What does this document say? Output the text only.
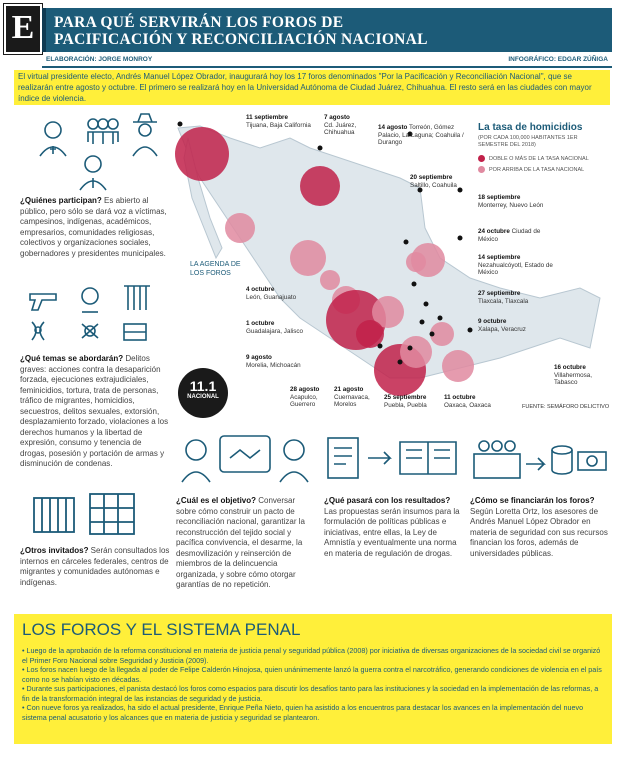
E	PARA QUÉ SERVIRÁN LOS FOROS DE
PACIFICACIÓN Y RECONCILIACIÓN NACIONAL
ELABORACIÓN: JORGE MONROY	INFOGRÁFICO: EDGAR ZÚÑIGA
El virtual presidente electo, Andrés Manuel López Obrador, inaugurará hoy los 17 foros denominados "Por la Pacificación y Reconciliación Nacional", que se realizarán entre agosto y octubre. El primero se realizará hoy en la Universidad Autónoma de Ciudad Juárez, Chihuahua. El resto será en las ciudades con mayor índice de violencia.
¿Quiénes participan? Es abierto al público, pero sólo se dará voz a víctimas, campesinos, indígenas, académicos, empresarios, comunidades religiosas, colectivos y organizaciones sociales, gobernadores y presidentes municipales.
¿Qué temas se abordarán? Delitos graves: acciones contra la desaparición forzada, ejecuciones extrajudiciales, feminicidios, tortura, trata de personas, tráfico de migrantes, homicidios, secuestros, delitos sexuales, extorsión, desplazamiento forzado, violaciones a los derechos humanos y la libertad de expresión, consumo y tenencia de drogas, posesión y portación de armas y disminución de condenas.
¿Otros invitados? Serán consultados los internos en cárceles federales, centros de migrantes y comunidades autónomas e indígenas.
11 septiembre
Tijuana, Baja California
7 agosto
Cd. Juárez, Chihuahua
14 agosto Torreón, Gómez Palacio, La Laguna; Coahuila / Durango
20 septiembre
Saltillo, Coahuila
18 septiembre
Monterrey, Nuevo León
24 octubre Ciudad de México
14 septiembre
Nezahualcóyotl, Estado de México
27 septiembre
Tlaxcala, Tlaxcala
9 octubre
Xalapa, Veracruz
16 octubre
Villahermosa, Tabasco
11 octubre
Oaxaca, Oaxaca
25 septiembre
Puebla, Puebla
21 agosto
Cuernavaca, Morelos
28 agosto
Acapulco, Guerrero
9 agosto
Morelia, Michoacán
1 octubre
Guadalajara, Jalisco
4 octubre
León, Guanajuato
LA AGENDA DE LOS FOROS
La tasa de homicidios
(POR CADA 100,000 HABITANTES 1ER SEMESTRE DEL 2018)
DOBLE O MÁS DE LA TASA NACIONAL
POR ARRIBA DE LA TASA NACIONAL
11.1
NACIONAL
FUENTE: SEMÁFORO DELICTIVO
¿Cuál es el objetivo? Conversar sobre cómo construir un pacto de reconciliación nacional, garantizar la reconstrucción del tejido social y pacífica convivencia, el desarme, la desmovilización y reinserción de miembros de la delincuencia organizada, y sobre cómo otorgar garantías de no repetición.
¿Qué pasará con los resultados? Las propuestas serán insumos para la formulación de políticas públicas e iniciativas, entre ellas, la Ley de Amnistía y eventualmente una norma en materia de regulación de drogas.
¿Cómo se financiarán los foros? Según Loretta Ortz, los asesores de Andrés Manuel López Obrador en materia de seguridad con sus recursos financian los foros, además de universidades públicas.
LOS FOROS Y EL SISTEMA PENAL

• Luego de la aprobación de la reforma constitucional en materia de justicia penal y seguridad pública (2008) por iniciativa de diversas organizaciones de la sociedad civil se organizó el Primer Foro Nacional sobre Seguridad y Justicia (2009).

• Los foros nacen luego de la llegada al poder de Felipe Calderón Hinojosa, quien unánimemente lanzó la guerra contra el narcotráfico, generando condiciones de violencia en el país como no se habían visto en décadas.

• Durante sus participaciones, el panista destacó los foros como espacios para discutir los desafíos tanto para las instituciones y la sociedad en la implementación de las reformas, a fin de la transformación integral de las instancias de seguridad y de justicia.

• Con nueve foros ya realizados, ha sido el actual presidente, Enrique Peña Nieto, quien ha asistido a los encuentros para destacar los avances en la implementación del nuevo sistema penal acusatorio y los alcances que en materia de justicia y seguridad se plantearon.
